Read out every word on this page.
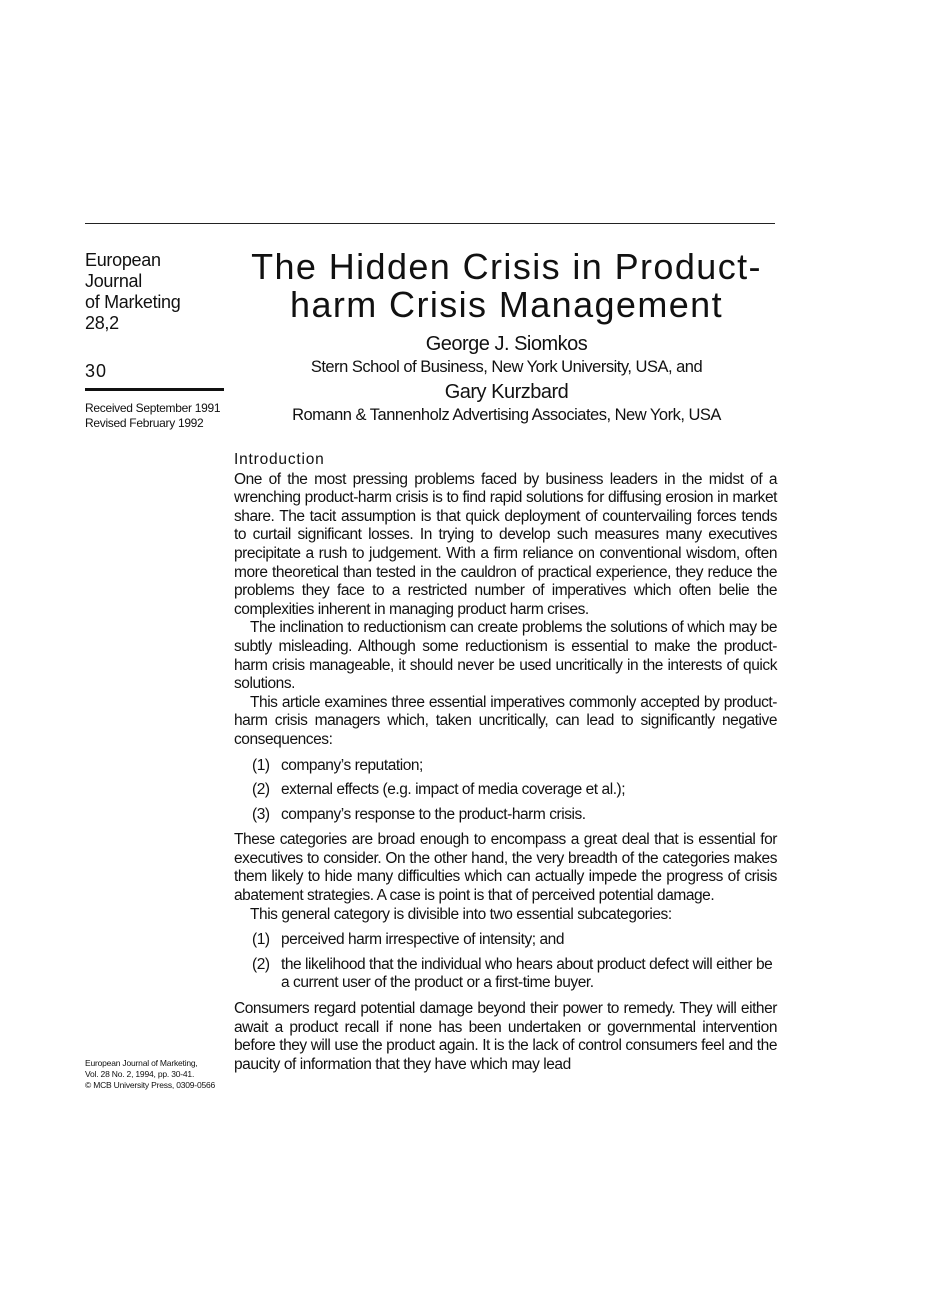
European
Journal
of Marketing
28,2
30
Received September 1991
Revised February 1992
European Journal of Marketing,
Vol. 28 No. 2, 1994, pp. 30-41.
© MCB University Press, 0309-0566
The Hidden Crisis in Product-
harm Crisis Management
George J. Siomkos
Stern School of Business, New York University, USA, and
Gary Kurzbard
Romann & Tannenholz Advertising Associates, New York, USA
Introduction

One of the most pressing problems faced by business leaders in the midst of a wrenching product-harm crisis is to find rapid solutions for diffusing erosion in market share. The tacit assumption is that quick deployment of countervailing forces tends to curtail significant losses. In trying to develop such measures many executives precipitate a rush to judgement. With a firm reliance on conventional wisdom, often more theoretical than tested in the cauldron of practical experience, they reduce the problems they face to a restricted number of imperatives which often belie the complexities inherent in managing product harm crises.

The inclination to reductionism can create problems the solutions of which may be subtly misleading. Although some reductionism is essential to make the product-harm crisis manageable, it should never be used uncritically in the interests of quick solutions.

This article examines three essential imperatives commonly accepted by product-harm crisis managers which, taken uncritically, can lead to significantly negative consequences:

(1) company’s reputation;
(2) external effects (e.g. impact of media coverage et al.);
(3) company’s response to the product-harm crisis.

These categories are broad enough to encompass a great deal that is essential for executives to consider. On the other hand, the very breadth of the categories makes them likely to hide many difficulties which can actually impede the progress of crisis abatement strategies. A case is point is that of perceived potential damage.

This general category is divisible into two essential subcategories:

(1) perceived harm irrespective of intensity; and
(2) the likelihood that the individual who hears about product defect will either be a current user of the product or a first-time buyer.

Consumers regard potential damage beyond their power to remedy. They will either await a product recall if none has been undertaken or governmental intervention before they will use the product again. It is the lack of control consumers feel and the paucity of information that they have which may lead
